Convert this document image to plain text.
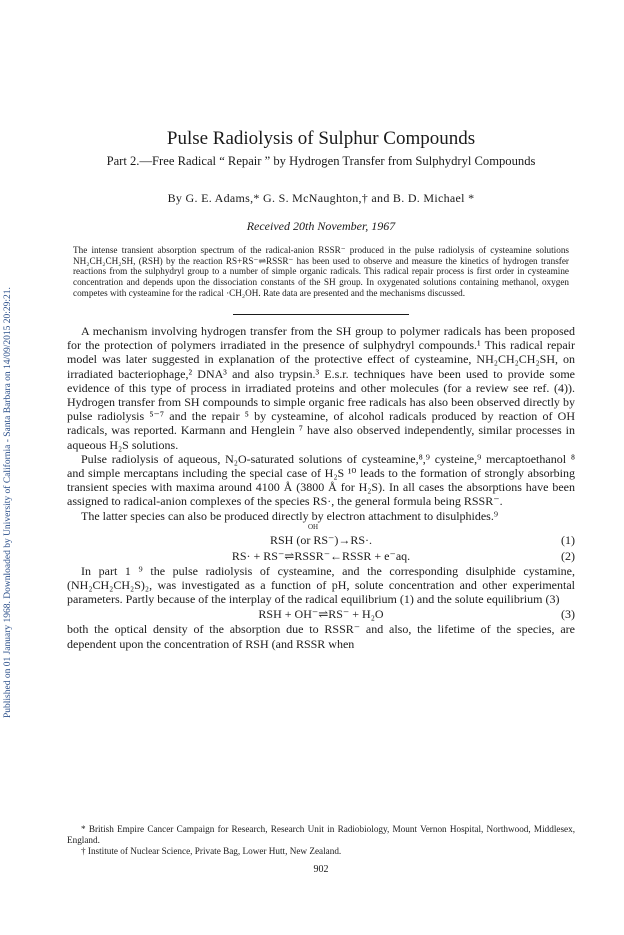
Published on 01 January 1968. Downloaded by University of California - Santa Barbara on 14/09/2015 20:29:21.
Pulse Radiolysis of Sulphur Compounds
Part 2.—Free Radical “ Repair ” by Hydrogen Transfer from Sulphydryl Compounds
By G. E. Adams,* G. S. McNaughton,† and B. D. Michael *
Received 20th November, 1967

The intense transient absorption spectrum of the radical-anion RSSR⁻ produced in the pulse radiolysis of cysteamine solutions NH₂CH₂CH₂SH, (RSH) by the reaction RS+RS⁻⇌RSSR⁻ has been used to observe and measure the kinetics of hydrogen transfer reactions from the sulphydryl group to a number of simple organic radicals. This radical repair process is first order in cysteamine concentration and depends upon the dissociation constants of the SH group. In oxygenated solutions containing methanol, oxygen competes with cysteamine for the radical ·CH₂OH. Rate data are presented and the mechanisms discussed.

A mechanism involving hydrogen transfer from the SH group to polymer radicals has been proposed for the protection of polymers irradiated in the presence of sulphydryl compounds.¹ This radical repair model was later suggested in explanation of the protective effect of cysteamine, NH₂CH₂CH₂SH, on irradiated bacteriophage,² DNA³ and also trypsin.³ E.s.r. techniques have been used to provide some evidence of this type of process in irradiated proteins and other molecules (for a review see ref. (4)). Hydrogen transfer from SH compounds to simple organic free radicals has also been observed directly by pulse radiolysis ⁵⁻⁷ and the repair ⁵ by cysteamine, of alcohol radicals produced by reaction of OH radicals, was reported. Karmann and Henglein ⁷ have also observed independently, similar processes in aqueous H₂S solutions.

Pulse radiolysis of aqueous, N₂O-saturated solutions of cysteamine,⁸,⁹ cysteine,⁹ mercaptoethanol ⁸ and simple mercaptans including the special case of H₂S ¹⁰ leads to the formation of strongly absorbing transient species with maxima around 4100 Å (3800 Å for H₂S). In all cases the absorptions have been assigned to radical-anion complexes of the species RS·, the general formula being RSSR⁻.

The latter species can also be produced directly by electron attachment to disulphides.⁹

OH
RSH (or RS⁻)→RS·.	(1)
RS· + RS⁻⇌RSSR⁻←RSSR + e⁻aq.	(2)

In part 1 ⁹ the pulse radiolysis of cysteamine, and the corresponding disulphide cystamine, (NH₂CH₂CH₂S)₂, was investigated as a function of pH, solute concentration and other experimental parameters. Partly because of the interplay of the radical equilibrium (1) and the solute equilibrium (3)

RSH + OH⁻⇌RS⁻ + H₂O	(3)

both the optical density of the absorption due to RSSR⁻ and also, the lifetime of the species, are dependent upon the concentration of RSH (and RSSR when

* British Empire Cancer Campaign for Research, Research Unit in Radiobiology, Mount Vernon Hospital, Northwood, Middlesex, England.

† Institute of Nuclear Science, Private Bag, Lower Hutt, New Zealand.

902
